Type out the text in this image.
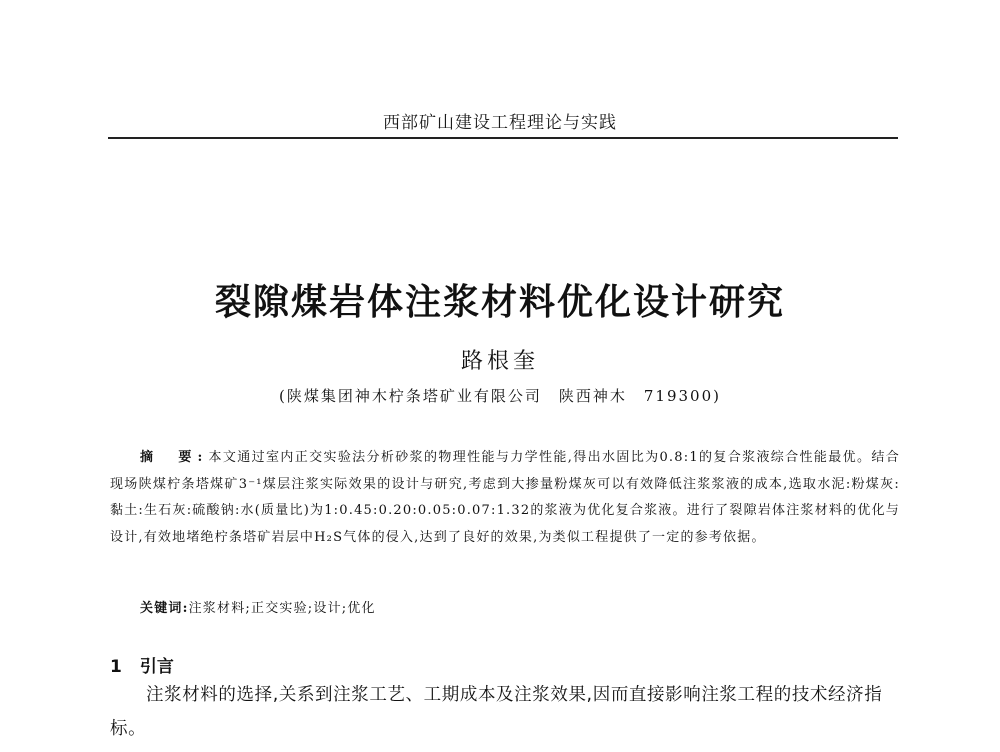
西部矿山建设工程理论与实践
裂隙煤岩体注浆材料优化设计研究
路根奎
(陕煤集团神木柠条塔矿业有限公司　陕西神木　719300)

摘　要:本文通过室内正交实验法分析砂浆的物理性能与力学性能,得出水固比为0.8:1的复合浆液综合性能最优。结合现场陕煤柠条塔煤矿3⁻¹煤层注浆实际效果的设计与研究,考虑到大掺量粉煤灰可以有效降低注浆浆液的成本,选取水泥:粉煤灰:黏土:生石灰:硫酸钠:水(质量比)为1:0.45:0.20:0.05:0.07:1.32的浆液为优化复合浆液。进行了裂隙岩体注浆材料的优化与设计,有效地堵绝柠条塔矿岩层中H₂S气体的侵入,达到了良好的效果,为类似工程提供了一定的参考依据。

关键词:注浆材料;正交实验;设计;优化
1 引言

注浆材料的选择,关系到注浆工艺、工期成本及注浆效果,因而直接影响注浆工程的技术经济指标。
